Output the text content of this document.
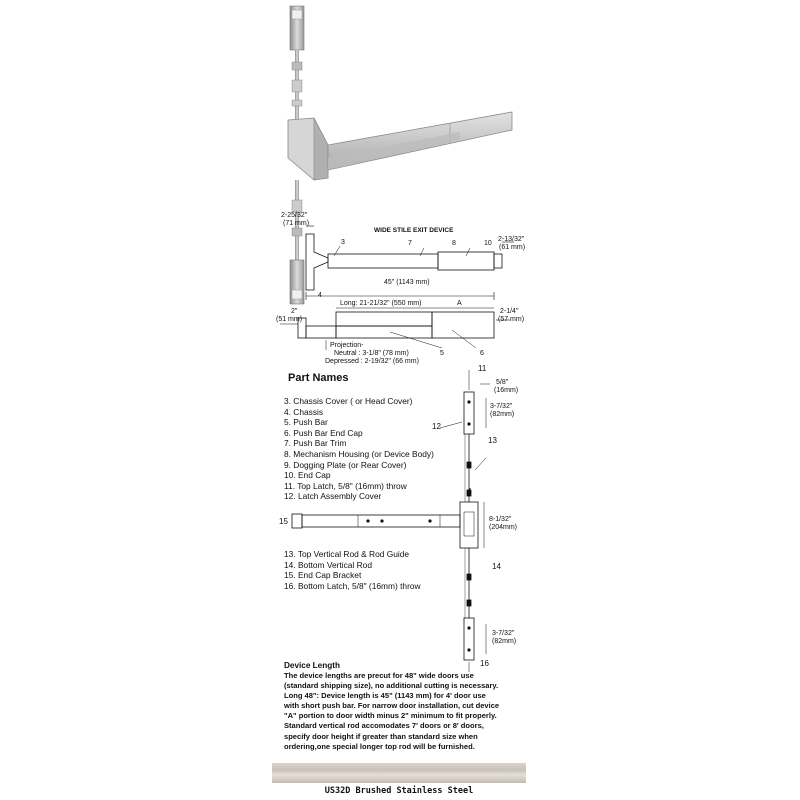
WIDE STILE EXIT DEVICE
2-25/32"
(71 mm)
2-13/32"
(61 mm)
45" (1143 mm)
3
4
7	8	10
Long: 21-21/32" (550 mm)	A
2"
(51 mm)
2-1/4"
(57 mm)
Projection-
Neutral : 3-1/8" (78 mm)
Depressed : 2-19/32" (66 mm)
5	6
Part Names
3. Chassis Cover ( or Head Cover)
4. Chassis
5. Push Bar
6. Push Bar End Cap
7. Push Bar Trim
8. Mechanism Housing (or Device Body)
9. Dogging Plate (or Rear Cover)
10. End Cap
11. Top Latch, 5/8" (16mm) throw
12. Latch Assembly Cover
13. Top Vertical Rod & Rod Guide
14. Bottom Vertical Rod
15. End Cap Bracket
16. Bottom Latch, 5/8" (16mm) throw
11
12
13
4
15
14
16
5/8"
(16mm)
3-7/32"
(82mm)
8-1/32"
(204mm)
3-7/32"
(82mm)
Device Length

The device lengths are precut for 48" wide doors use
(standard shipping size), no additional cutting is necessary.
Long 48": Device length is 45" (1143 mm) for 4' door use
with short push bar. For narrow door installation, cut device
"A" portion to door width minus 2" minimum to fit properly.
Standard vertical rod accomodates 7' doors or 8' doors,
specify door height if greater than standard size when
ordering,one special longer top rod will be furnished.

US32D Brushed Stainless Steel
